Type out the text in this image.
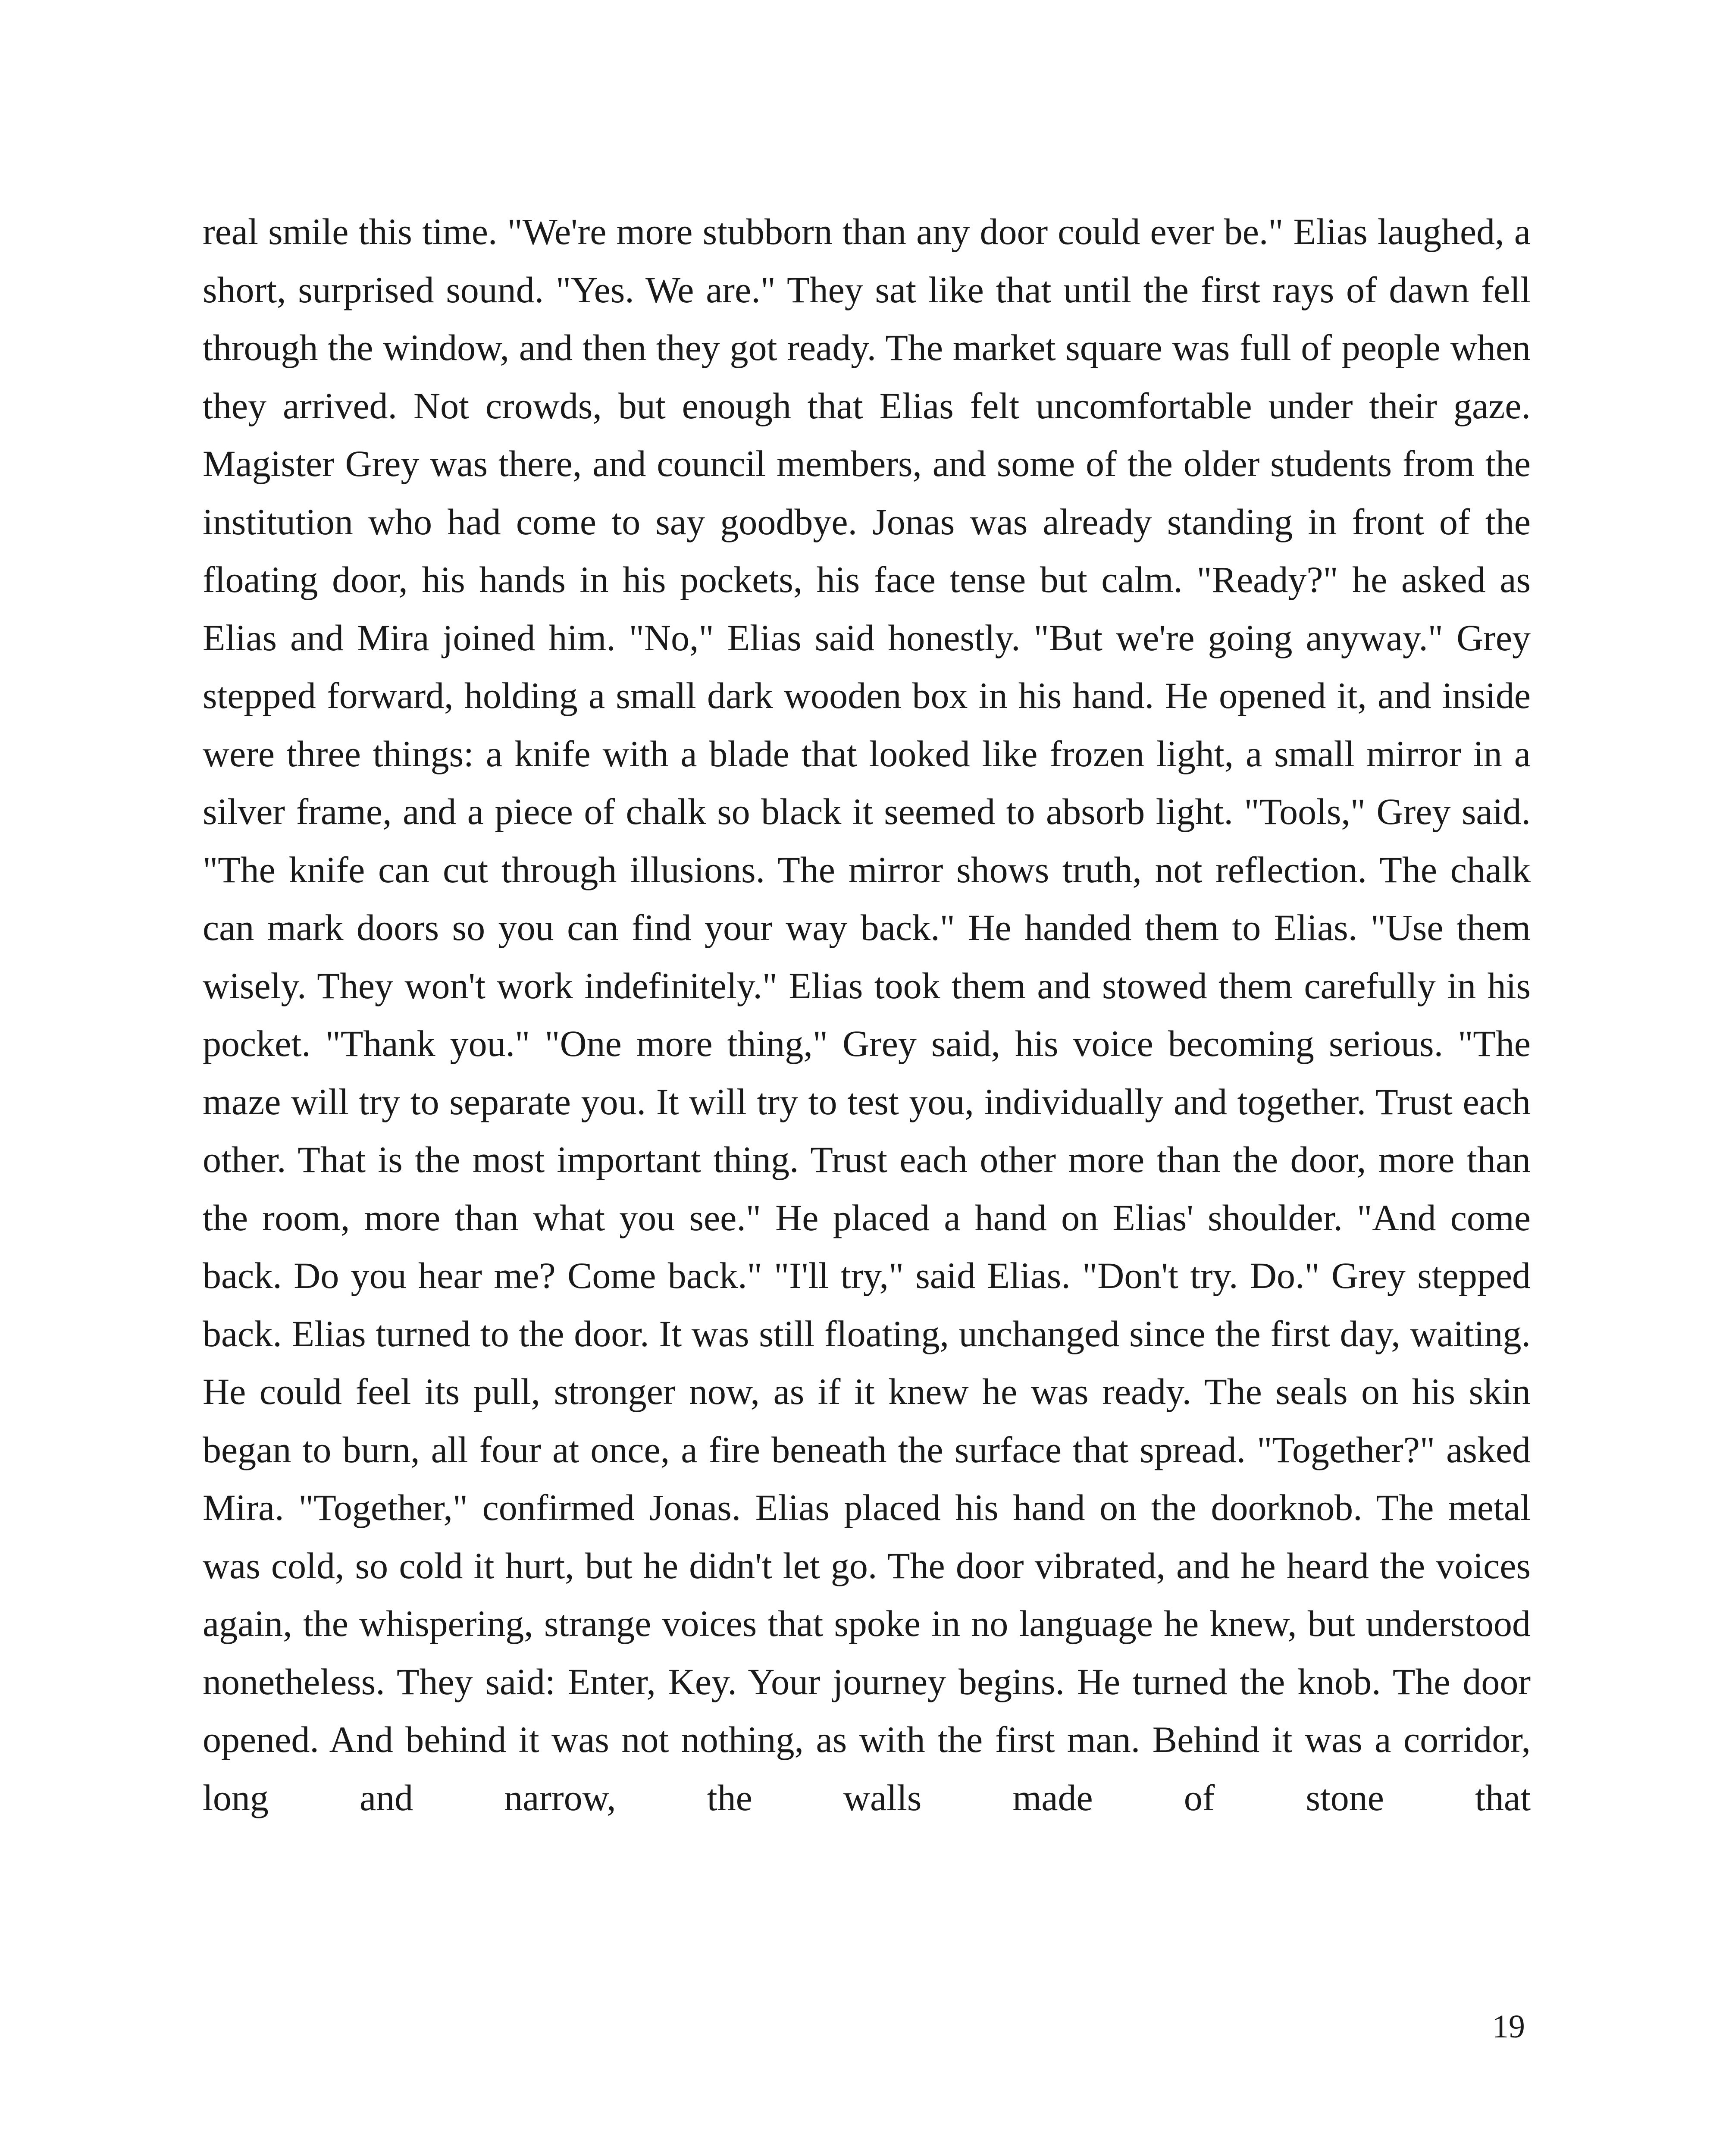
real smile this time. "We're more stubborn than any door could ever be." Elias laughed, a short, surprised sound. "Yes. We are." They sat like that until the first rays of dawn fell through the window, and then they got ready. The market square was full of people when they arrived. Not crowds, but enough that Elias felt uncomfortable under their gaze. Magister Grey was there, and council members, and some of the older students from the institution who had come to say goodbye. Jonas was already standing in front of the floating door, his hands in his pockets, his face tense but calm. "Ready?" he asked as Elias and Mira joined him. "No," Elias said honestly. "But we're going anyway." Grey stepped forward, holding a small dark wooden box in his hand. He opened it, and inside were three things: a knife with a blade that looked like frozen light, a small mirror in a silver frame, and a piece of chalk so black it seemed to absorb light. "Tools," Grey said. "The knife can cut through illusions. The mirror shows truth, not reflection. The chalk can mark doors so you can find your way back." He handed them to Elias. "Use them wisely. They won't work indefinitely." Elias took them and stowed them carefully in his pocket. "Thank you." "One more thing," Grey said, his voice becoming serious. "The maze will try to separate you. It will try to test you, individually and together. Trust each other. That is the most important thing. Trust each other more than the door, more than the room, more than what you see." He placed a hand on Elias' shoulder. "And come back. Do you hear me? Come back." "I'll try," said Elias. "Don't try. Do." Grey stepped back. Elias turned to the door. It was still floating, unchanged since the first day, waiting. He could feel its pull, stronger now, as if it knew he was ready. The seals on his skin began to burn, all four at once, a fire beneath the surface that spread. "Together?" asked Mira. "Together," confirmed Jonas. Elias placed his hand on the doorknob. The metal was cold, so cold it hurt, but he didn't let go. The door vibrated, and he heard the voices again, the whispering, strange voices that spoke in no language he knew, but understood nonetheless. They said: Enter, Key. Your journey begins. He turned the knob. The door opened. And behind it was not nothing, as with the first man. Behind it was a corridor, long and narrow, the walls made of stone that

19
